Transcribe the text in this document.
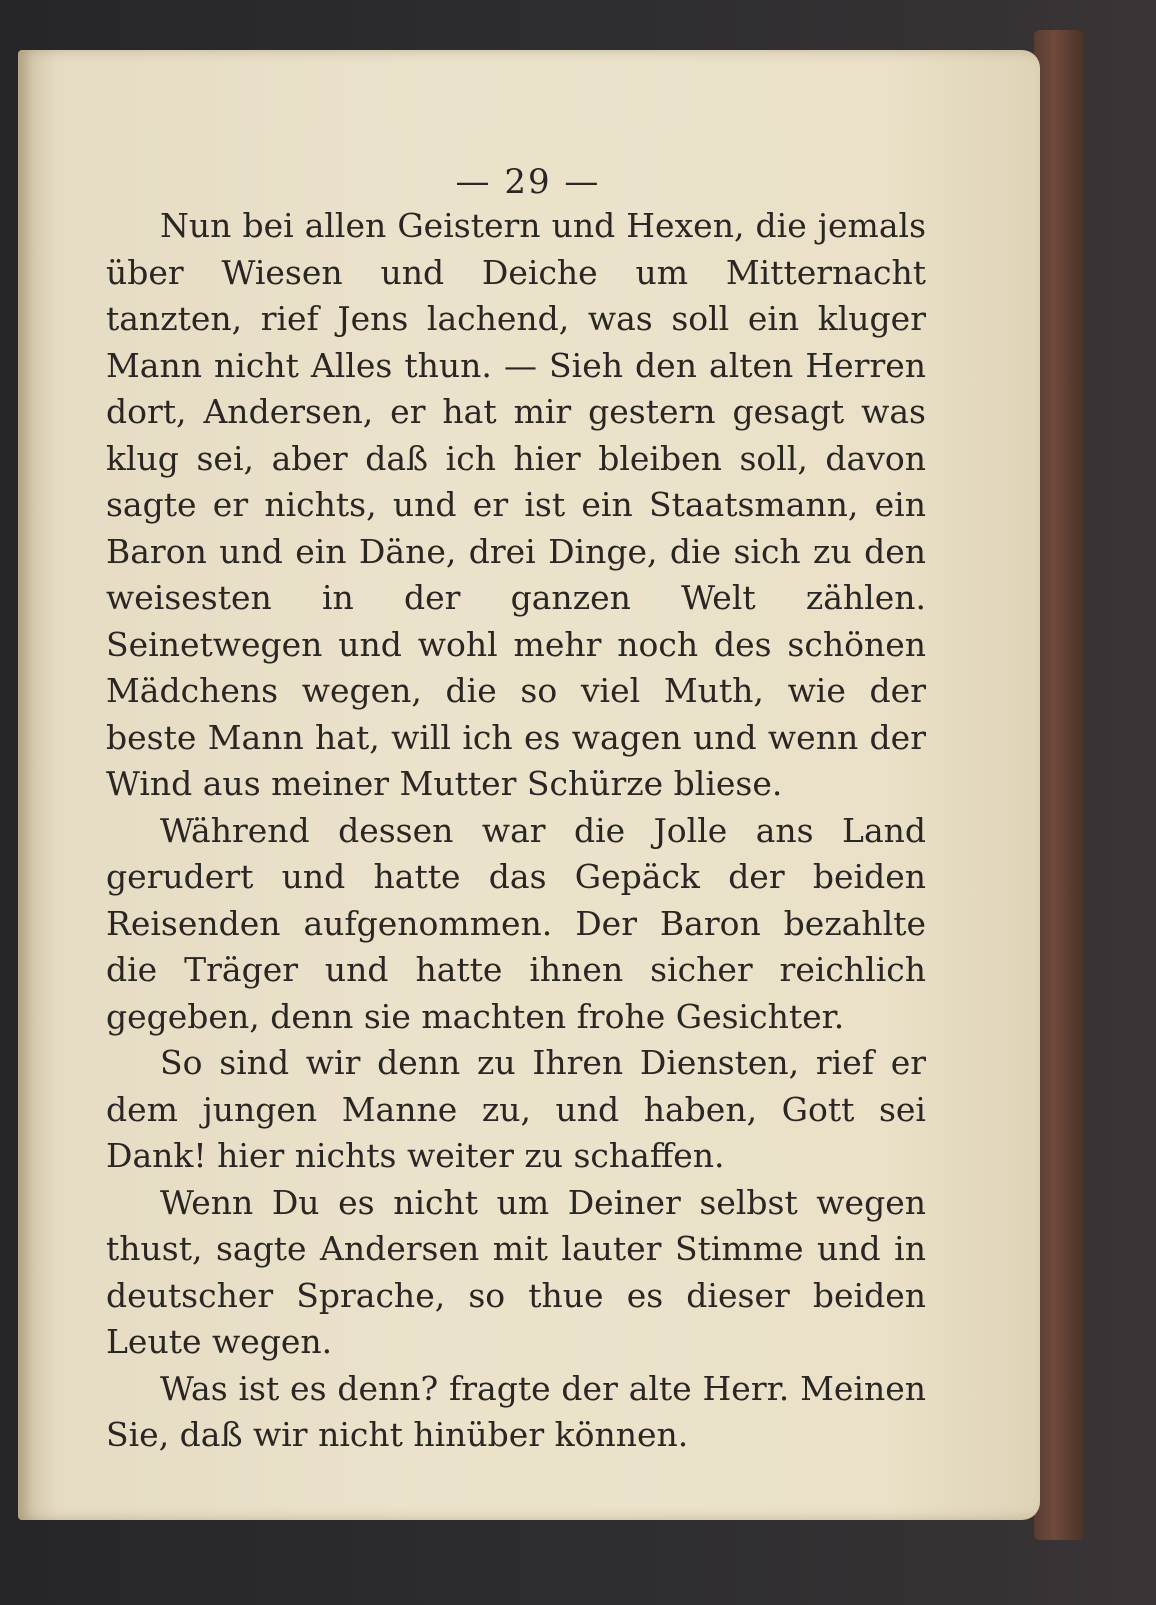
— 29 —

Nun bei allen Geistern und Hexen, die jemals über Wiesen und Deiche um Mitternacht tanzten, rief Jens lachend, was soll ein kluger Mann nicht Alles thun. — Sieh den alten Herren dort, Andersen, er hat mir gestern gesagt was klug sei, aber daß ich hier bleiben soll, davon sagte er nichts, und er ist ein Staatsmann, ein Baron und ein Däne, drei Dinge, die sich zu den weisesten in der ganzen Welt zählen. Seinetwegen und wohl mehr noch des schönen Mädchens wegen, die so viel Muth, wie der beste Mann hat, will ich es wagen und wenn der Wind aus meiner Mutter Schürze bliese.

Während dessen war die Jolle ans Land gerudert und hatte das Gepäck der beiden Reisenden aufgenommen. Der Baron bezahlte die Träger und hatte ihnen sicher reichlich gegeben, denn sie machten frohe Gesichter.

So sind wir denn zu Ihren Diensten, rief er dem jungen Manne zu, und haben, Gott sei Dank! hier nichts weiter zu schaffen.

Wenn Du es nicht um Deiner selbst wegen thust, sagte Andersen mit lauter Stimme und in deutscher Sprache, so thue es dieser beiden Leute wegen.

Was ist es denn? fragte der alte Herr. Meinen Sie, daß wir nicht hinüber können.
